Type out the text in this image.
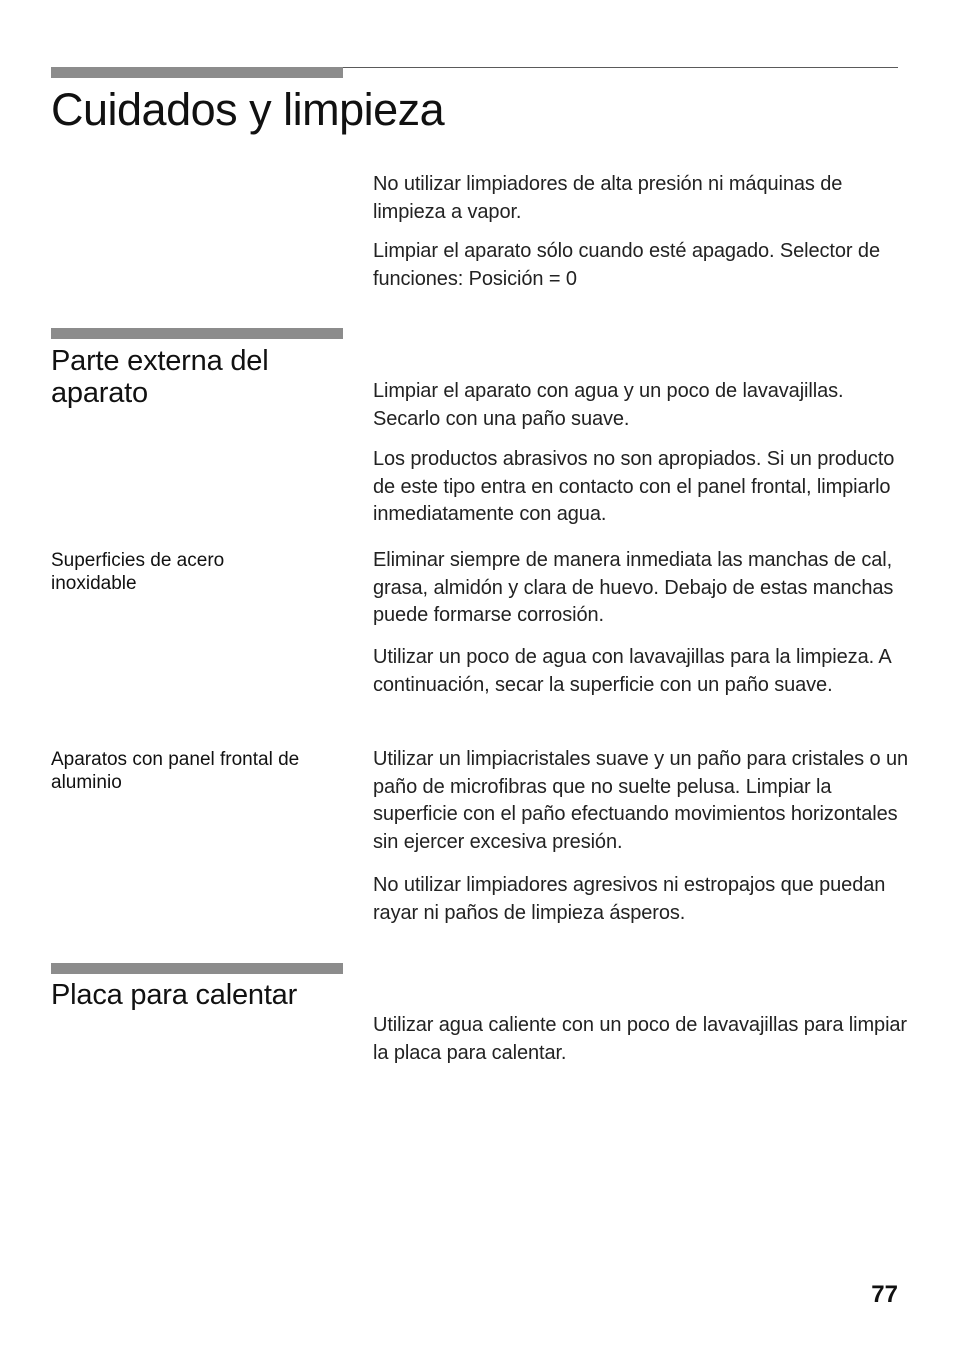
Cuidados y limpieza

No utilizar limpiadores de alta presión ni máquinas de limpieza a vapor.

Limpiar el aparato sólo cuando esté apagado. Selector de funciones: Posición = 0

Parte externa del aparato	Limpiar el aparato con agua y un poco de lavavajillas. Secarlo con una paño suave.

Los productos abrasivos no son apropiados. Si un producto de este tipo entra en contacto con el panel frontal, limpiarlo inmediatamente con agua.

Superficies de acero inoxidable

Eliminar siempre de manera inmediata las manchas de cal, grasa, almidón y clara de huevo. Debajo de estas manchas puede formarse corrosión.

Utilizar un poco de agua con lavavajillas para la limpieza. A continuación, secar la superficie con un paño suave.

Aparatos con panel frontal de aluminio

Utilizar un limpiacristales suave y un paño para cristales o un paño de microfibras que no suelte pelusa. Limpiar la superficie con el paño efectuando movimientos horizontales sin ejercer excesiva presión.

No utilizar limpiadores agresivos ni estropajos que puedan rayar ni paños de limpieza ásperos.

Placa para calentar

Utilizar agua caliente con un poco de lavavajillas para limpiar la placa para calentar.

77
